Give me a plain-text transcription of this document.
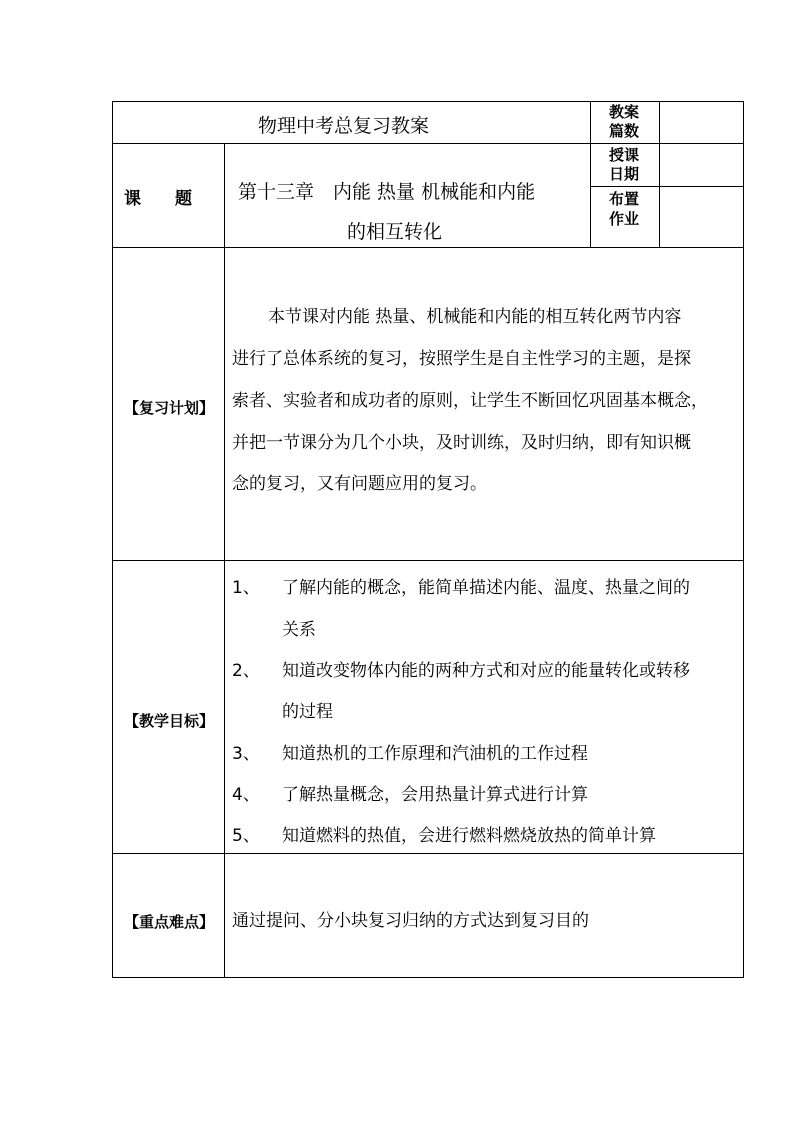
物理中考总复习教案
教案
篇数
课　　题 第十三章　内能 热量 机械能和内能
的相互转化
授课
日期
布置
作业
【复习计划】
本节课对内能 热量、机械能和内能的相互转化两节内容
进行了总体系统的复习，按照学生是自主性学习的主题，是探
索者、实验者和成功者的原则，让学生不断回忆巩固基本概念，
并把一节课分为几个小块，及时训练，及时归纳，即有知识概
念的复习，又有问题应用的复习。
【教学目标】
1、 了解内能的概念，能简单描述内能、温度、热量之间的
关系
2、 知道改变物体内能的两种方式和对应的能量转化或转移
的过程
3、 知道热机的工作原理和汽油机的工作过程
4、 了解热量概念，会用热量计算式进行计算
5、 知道燃料的热值，会进行燃料燃烧放热的简单计算
【重点难点】 通过提问、分小块复习归纳的方式达到复习目的
